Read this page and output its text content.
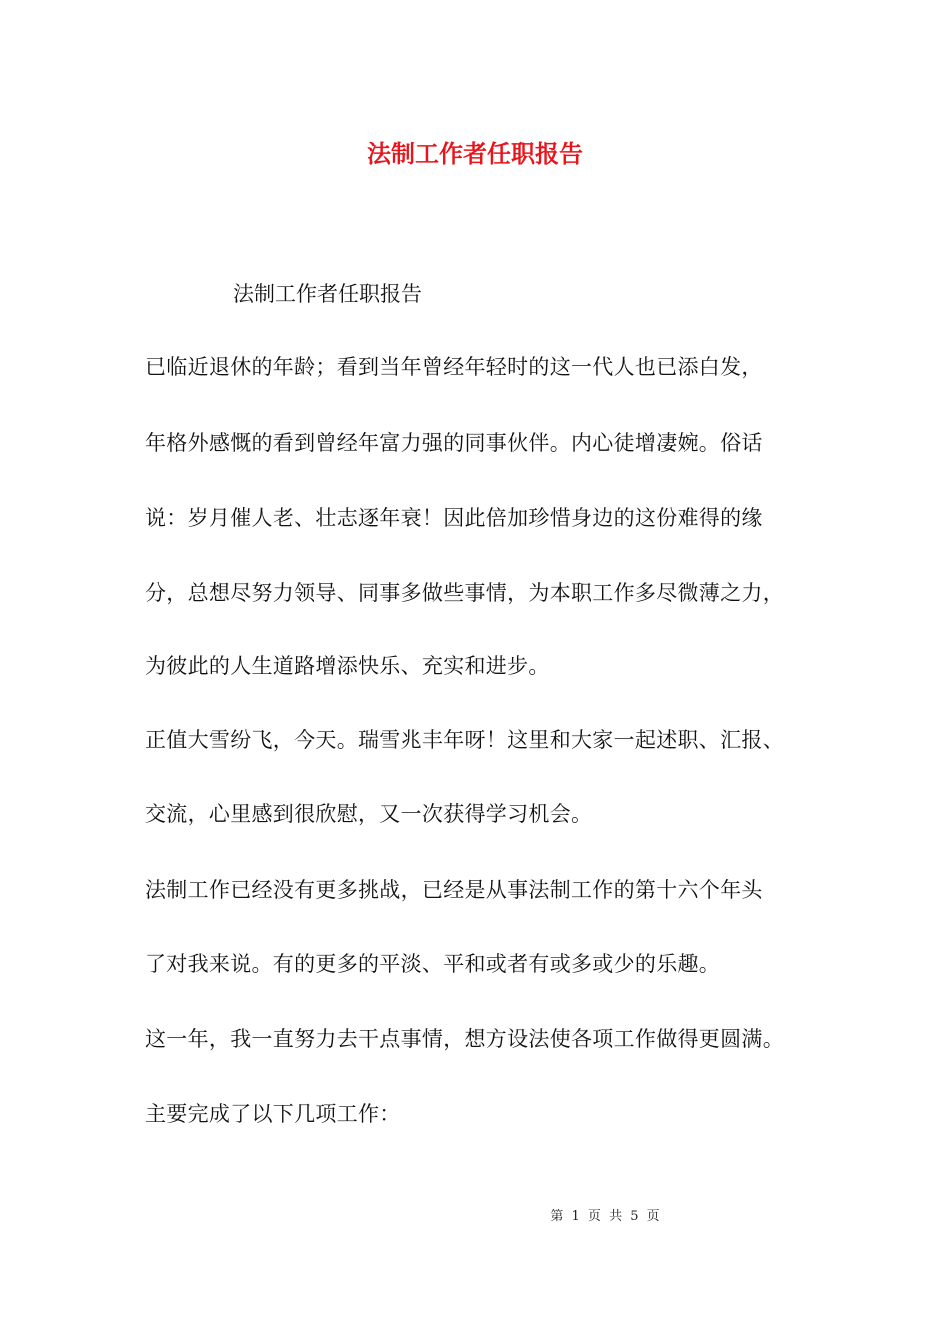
法制工作者任职报告

法制工作者任职报告

已临近退休的年龄；看到当年曾经年轻时的这一代人也已添白发，

年格外感慨的看到曾经年富力强的同事伙伴。内心徒增凄婉。俗话

说：岁月催人老、壮志逐年衰！因此倍加珍惜身边的这份难得的缘

分，总想尽努力领导、同事多做些事情，为本职工作多尽微薄之力，

为彼此的人生道路增添快乐、充实和进步。

正值大雪纷飞，今天。瑞雪兆丰年呀！这里和大家一起述职、汇报、

交流，心里感到很欣慰，又一次获得学习机会。

法制工作已经没有更多挑战，已经是从事法制工作的第十六个年头

了对我来说。有的更多的平淡、平和或者有或多或少的乐趣。

这一年，我一直努力去干点事情，想方设法使各项工作做得更圆满。

主要完成了以下几项工作：

第 1 页 共 5 页
